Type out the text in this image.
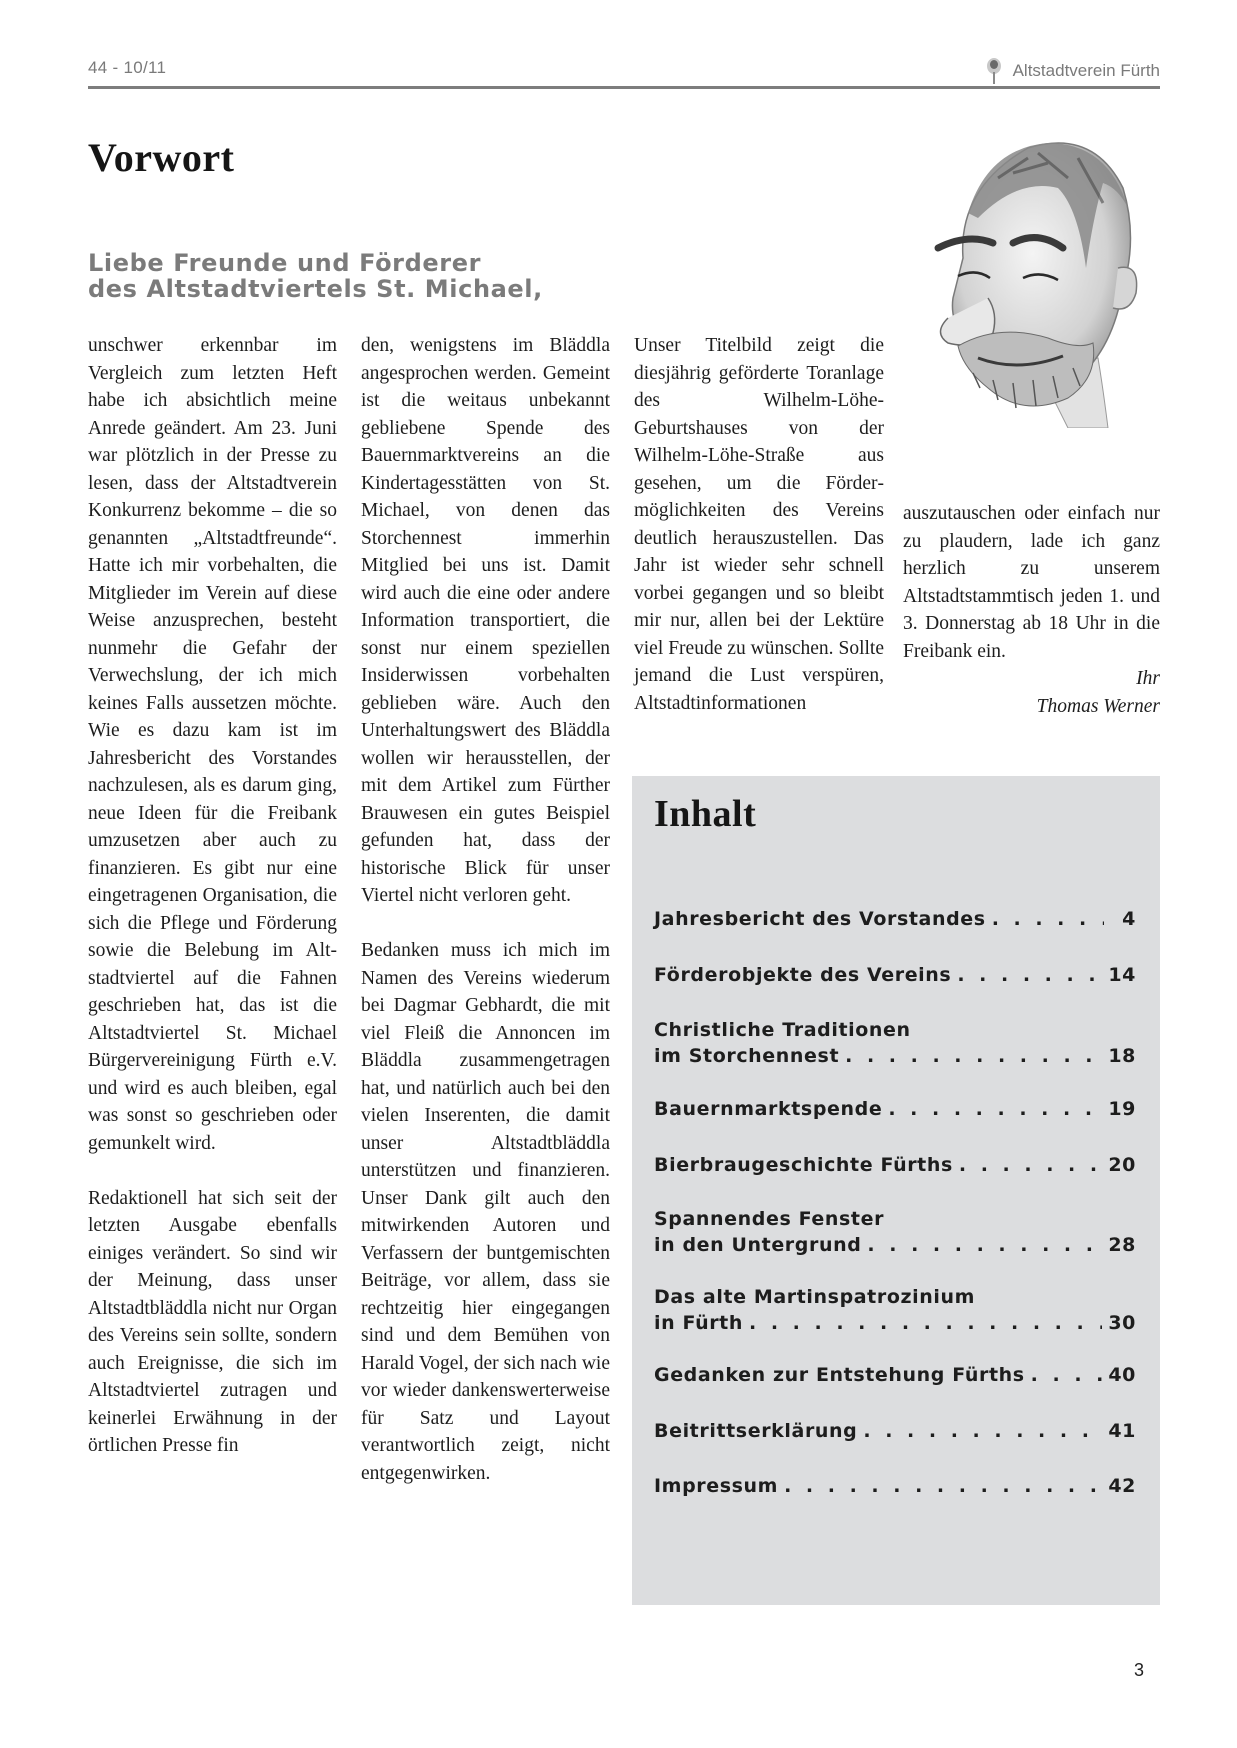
44 - 10/11	Altstadtverein Fürth
Vorwort
Liebe Freunde und Förderer
des Altstadtviertels St. Michael,

unschwer erkennbar im Vergleich zum letzten Heft habe ich absichtlich meine Anrede geändert. Am 23. Juni war plötzlich in der Presse zu lesen, dass der Altstadtverein Konkurrenz bekomme – die so genannten „Altstadtfreunde“. Hatte ich mir vorbehalten, die Mitglieder im Verein auf diese Weise anzusprechen, besteht nunmehr die Gefahr der Verwechslung, der ich mich keines Falls aussetzen möchte. Wie es dazu kam ist im Jahresbericht des Vorstandes nachzulesen, als es darum ging, neue Ideen für die Freibank umzusetzen aber auch zu finanzieren. Es gibt nur eine eingetragenen Organisation, die sich die Pflege und Förderung sowie die Belebung im Altstadtviertel auf die Fahnen geschrieben hat, das ist die Altstadtviertel St. Michael Bürgervereinigung Fürth e.V. und wird es auch bleiben, egal was sonst so geschrieben oder gemunkelt wird.

Redaktionell hat sich seit der letzten Ausgabe ebenfalls einiges verändert. So sind wir der Meinung, dass unser Altstadtbläddla nicht nur Organ des Vereins sein sollte, sondern auch Ereignisse, die sich im Altstadtviertel zutragen und keinerlei Erwähnung in der örtlichen Presse fin

den, wenigstens im Bläddla angesprochen werden. Gemeint ist die weitaus unbekannt gebliebene Spende des Bauernmarktvereins an die Kindertagesstätten von St. Michael, von denen das Storchennest immerhin Mitglied bei uns ist. Damit wird auch die eine oder andere Information transportiert, die sonst nur einem speziellen Insiderwissen vorbehalten geblieben wäre. Auch den Unterhaltungswert des Bläddla wollen wir herausstellen, der mit dem Artikel zum Fürther Brauwesen ein gutes Beispiel gefunden hat, dass der historische Blick für unser Viertel nicht verloren geht.

Bedanken muss ich mich im Namen des Vereins wiederum bei Dagmar Gebhardt, die mit viel Fleiß die Annoncen im Bläddla zusammengetragen hat, und natürlich auch bei den vielen Inserenten, die damit unser Altstadtbläddla unterstützen und finanzieren. Unser Dank gilt auch den mitwirkenden Autoren und Verfassern der buntgemischten Beiträge, vor allem, dass sie rechtzeitig hier eingegangen sind und dem Bemühen von Harald Vogel, der sich nach wie vor wieder dankenswerterweise für Satz und Layout verantwortlich zeigt, nicht entgegenwirken.

Unser Titelbild zeigt die diesjährig geförderte Toranlage des Wilhelm-Löhe-Geburtshauses von der Wilhelm-Löhe-Straße aus gesehen, um die Fördermöglichkeiten des Vereins deutlich herauszustellen. Das Jahr ist wieder sehr schnell vorbei gegangen und so bleibt mir nur, allen bei der Lektüre viel Freude zu wünschen. Sollte jemand die Lust verspüren, Altstadtinformationen

auszutauschen oder einfach nur zu plaudern, lade ich ganz herzlich zu unserem Altstadtstammtisch jeden 1. und 3. Donnerstag ab 18 Uhr in die Freibank ein.

Ihr
Thomas Werner
Inhalt
Jahresbericht des Vorstandes . . .	4
Förderobjekte des Vereins . . .	14
Christliche Traditionen
im Storchennest . . .	18
Bauernmarktspende . . .	19
Bierbraugeschichte Fürths . . .	20
Spannendes Fenster
in den Untergrund . . .	28
Das alte Martinspatrozinium
in Fürth . . .	30
Gedanken zur Entstehung Fürths . . .	40
Beitrittserklärung . . .	41
Impressum . . .	42
3
